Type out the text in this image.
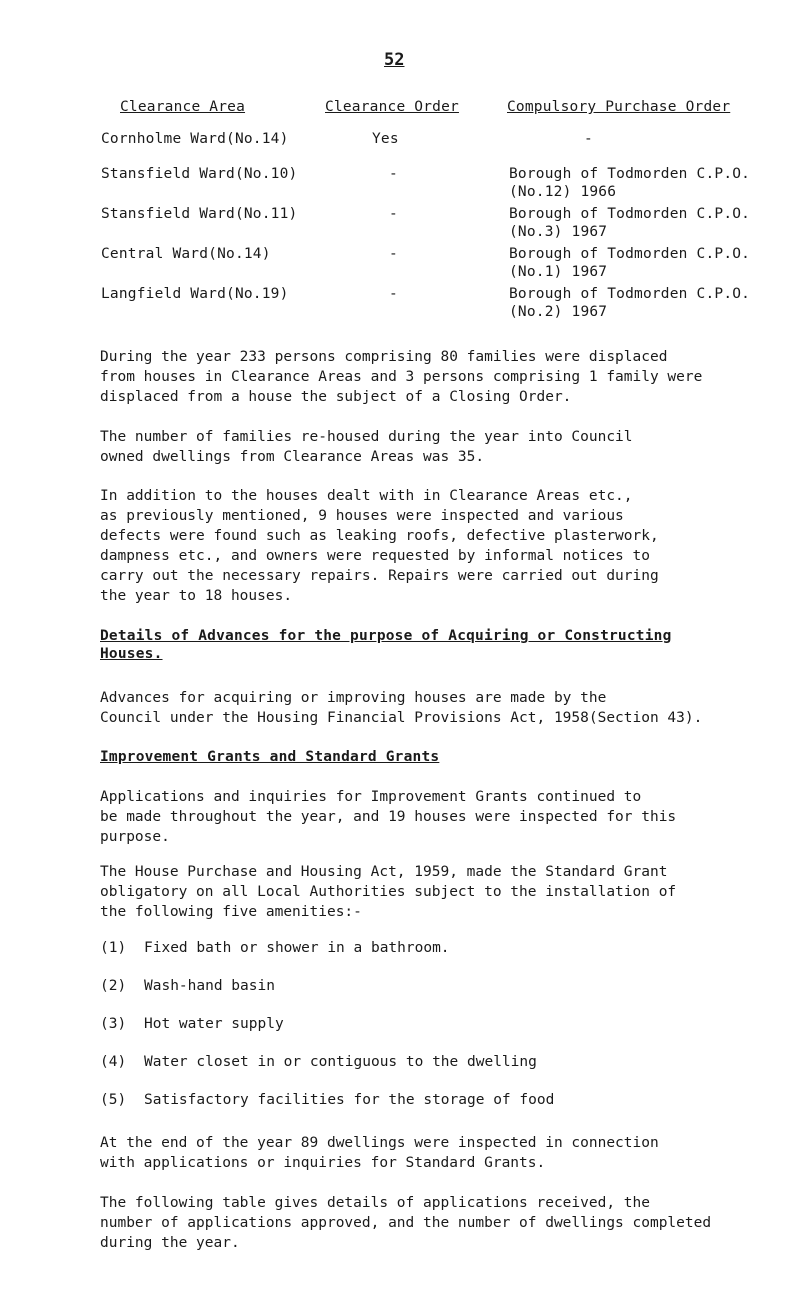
52
Clearance Area	Clearance Order	Compulsory Purchase Order
Cornholme Ward(No.14)	Yes	-
Stansfield Ward(No.10)	-	Borough of Todmorden C.P.O.
(No.12) 1966
Stansfield Ward(No.11)	-	Borough of Todmorden C.P.O.
(No.3) 1967
Central Ward(No.14)	-	Borough of Todmorden C.P.O.
(No.1) 1967
Langfield Ward(No.19)	-	Borough of Todmorden C.P.O.
(No.2) 1967

During the year 233 persons comprising 80 families were displaced
from houses in Clearance Areas and 3 persons comprising 1 family were
displaced from a house the subject of a Closing Order.

The number of families re-housed during the year into Council
owned dwellings from Clearance Areas was 35.

In addition to the houses dealt with in Clearance Areas etc.,
as previously mentioned, 9 houses were inspected and various
defects were found such as leaking roofs, defective plasterwork,
dampness etc., and owners were requested by informal notices to
carry out the necessary repairs. Repairs were carried out during
the year to 18 houses.

Details of Advances for the purpose of Acquiring or Constructing
Houses.

Advances for acquiring or improving houses are made by the
Council under the Housing Financial Provisions Act, 1958(Section 43).

Improvement Grants and Standard Grants

Applications and inquiries for Improvement Grants continued to
be made throughout the year, and 19 houses were inspected for this
purpose.

The House Purchase and Housing Act, 1959, made the Standard Grant
obligatory on all Local Authorities subject to the installation of
the following five amenities:-

(1) Fixed bath or shower in a bathroom.
(2) Wash-hand basin
(3) Hot water supply
(4) Water closet in or contiguous to the dwelling
(5) Satisfactory facilities for the storage of food

At the end of the year 89 dwellings were inspected in connection
with applications or inquiries for Standard Grants.

The following table gives details of applications received, the
number of applications approved, and the number of dwellings completed
during the year.
